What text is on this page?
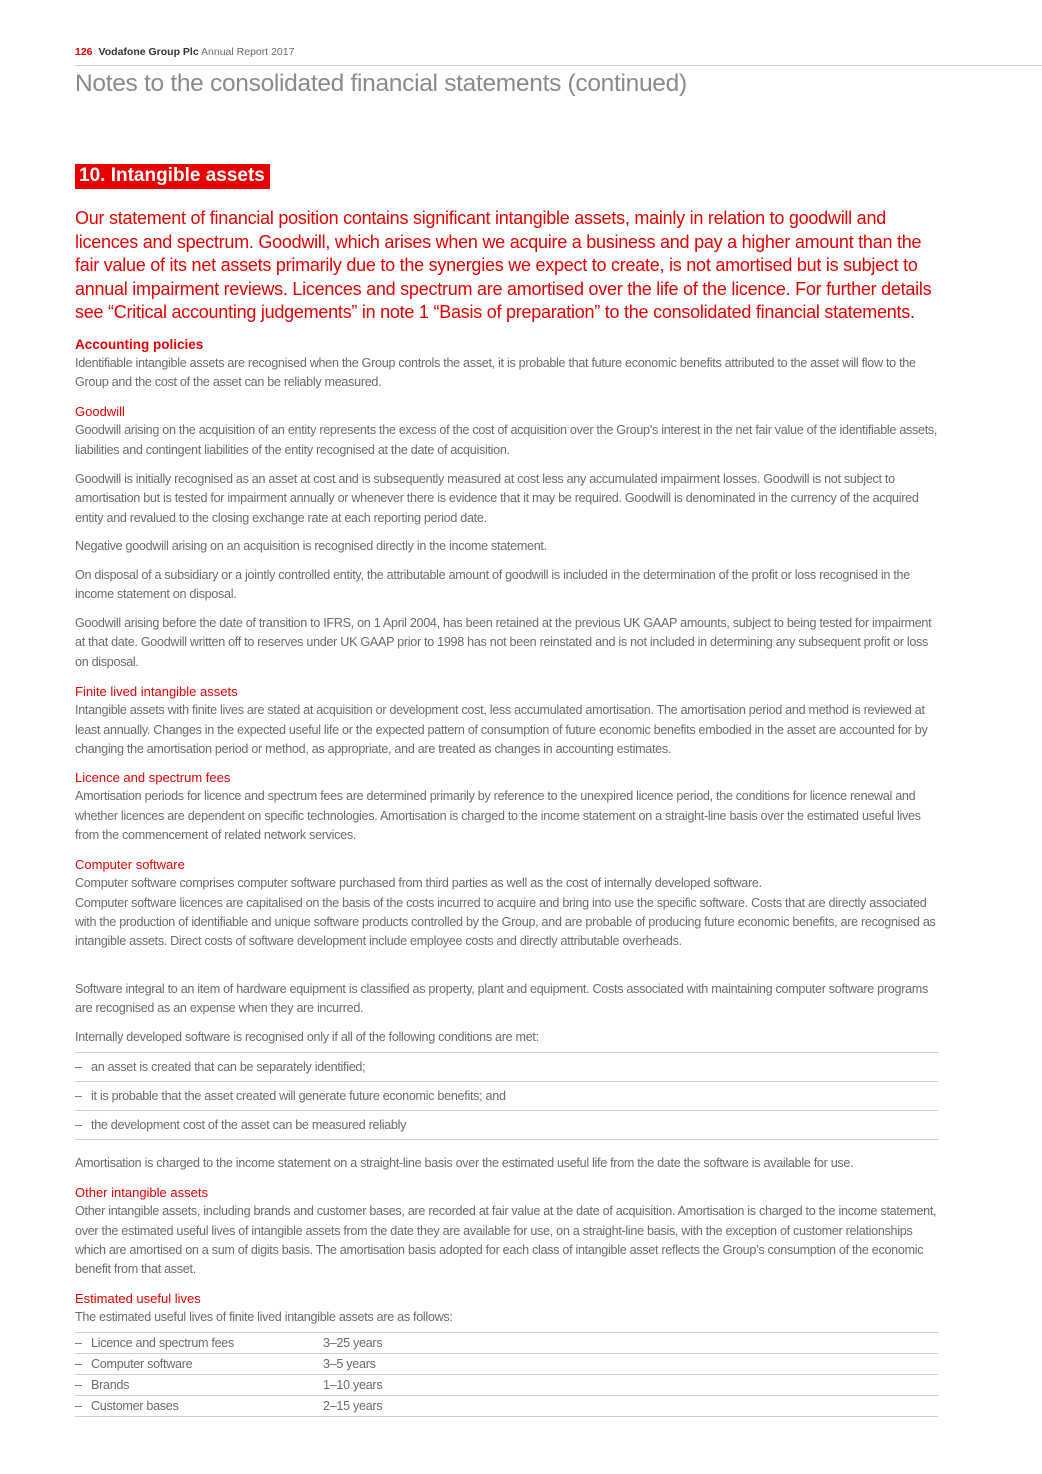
126 Vodafone Group Plc Annual Report 2017
Notes to the consolidated financial statements (continued)
10. Intangible assets
Our statement of financial position contains significant intangible assets, mainly in relation to goodwill and licences and spectrum. Goodwill, which arises when we acquire a business and pay a higher amount than the fair value of its net assets primarily due to the synergies we expect to create, is not amortised but is subject to annual impairment reviews. Licences and spectrum are amortised over the life of the licence. For further details see “Critical accounting judgements” in note 1 “Basis of preparation” to the consolidated financial statements.
Accounting policies

Identifiable intangible assets are recognised when the Group controls the asset, it is probable that future economic benefits attributed to the asset will flow to the Group and the cost of the asset can be reliably measured.

Goodwill

Goodwill arising on the acquisition of an entity represents the excess of the cost of acquisition over the Group’s interest in the net fair value of the identifiable assets, liabilities and contingent liabilities of the entity recognised at the date of acquisition.

Goodwill is initially recognised as an asset at cost and is subsequently measured at cost less any accumulated impairment losses. Goodwill is not subject to amortisation but is tested for impairment annually or whenever there is evidence that it may be required. Goodwill is denominated in the currency of the acquired entity and revalued to the closing exchange rate at each reporting period date.

Negative goodwill arising on an acquisition is recognised directly in the income statement.

On disposal of a subsidiary or a jointly controlled entity, the attributable amount of goodwill is included in the determination of the profit or loss recognised in the income statement on disposal.

Goodwill arising before the date of transition to IFRS, on 1 April 2004, has been retained at the previous UK GAAP amounts, subject to being tested for impairment at that date. Goodwill written off to reserves under UK GAAP prior to 1998 has not been reinstated and is not included in determining any subsequent profit or loss on disposal.

Finite lived intangible assets

Intangible assets with finite lives are stated at acquisition or development cost, less accumulated amortisation. The amortisation period and method is reviewed at least annually. Changes in the expected useful life or the expected pattern of consumption of future economic benefits embodied in the asset are accounted for by changing the amortisation period or method, as appropriate, and are treated as changes in accounting estimates.

Licence and spectrum fees

Amortisation periods for licence and spectrum fees are determined primarily by reference to the unexpired licence period, the conditions for licence renewal and whether licences are dependent on specific technologies. Amortisation is charged to the income statement on a straight-line basis over the estimated useful lives from the commencement of related network services.

Computer software

Computer software comprises computer software purchased from third parties as well as the cost of internally developed software.

Computer software licences are capitalised on the basis of the costs incurred to acquire and bring into use the specific software. Costs that are directly associated with the production of identifiable and unique software products controlled by the Group, and are probable of producing future economic benefits, are recognised as intangible assets. Direct costs of software development include employee costs and directly attributable overheads.

Software integral to an item of hardware equipment is classified as property, plant and equipment. Costs associated with maintaining computer software programs are recognised as an expense when they are incurred.

Internally developed software is recognised only if all of the following conditions are met:

– an asset is created that can be separately identified;
– it is probable that the asset created will generate future economic benefits; and
– the development cost of the asset can be measured reliably

Amortisation is charged to the income statement on a straight-line basis over the estimated useful life from the date the software is available for use.

Other intangible assets

Other intangible assets, including brands and customer bases, are recorded at fair value at the date of acquisition. Amortisation is charged to the income statement, over the estimated useful lives of intangible assets from the date they are available for use, on a straight-line basis, with the exception of customer relationships which are amortised on a sum of digits basis. The amortisation basis adopted for each class of intangible asset reflects the Group’s consumption of the economic benefit from that asset.

Estimated useful lives

The estimated useful lives of finite lived intangible assets are as follows:

– Licence and spectrum fees	3–25 years
– Computer software	3–5 years
– Brands	1–10 years
– Customer bases	2–15 years
